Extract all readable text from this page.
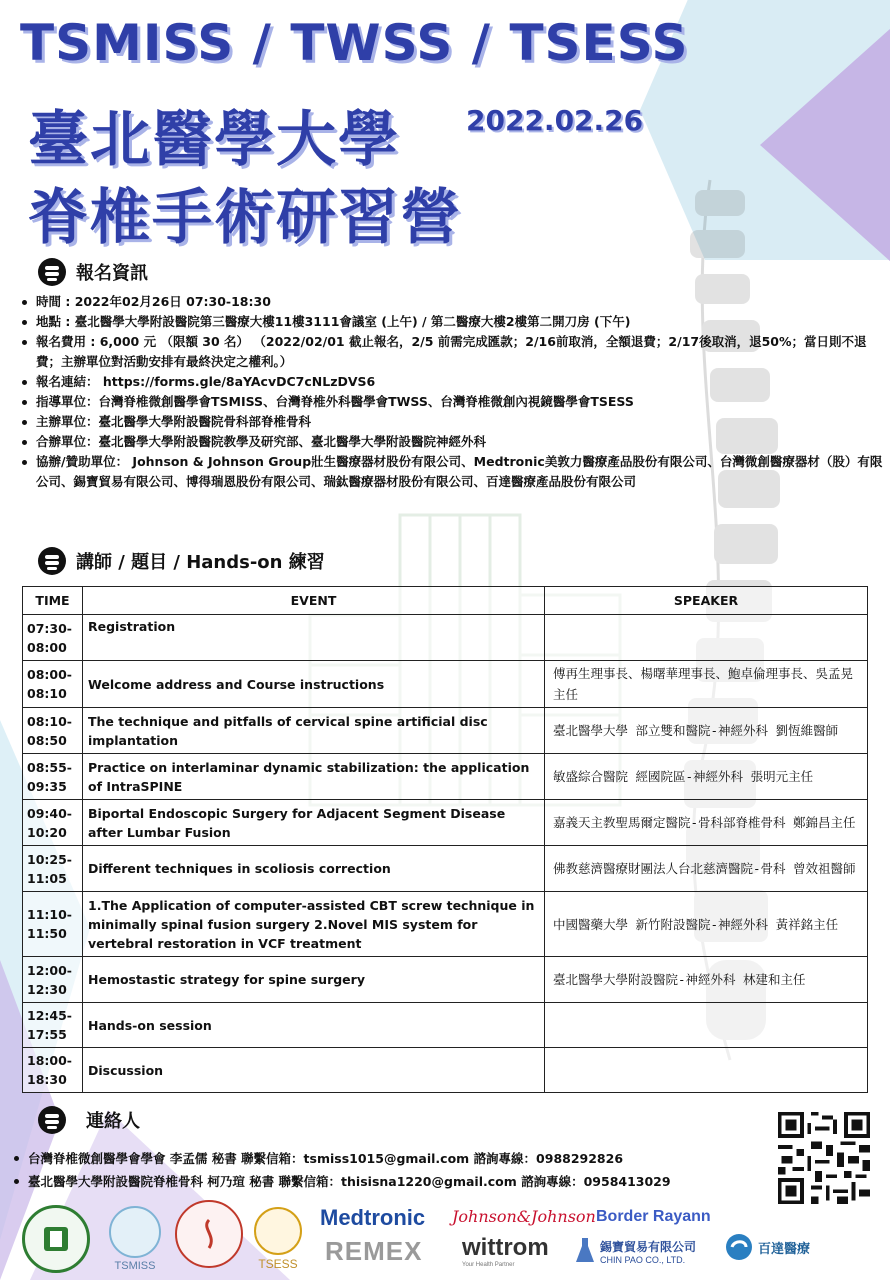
TSMISS / TWSS / TSESS
臺北醫學大學	2022.02.26
脊椎手術研習營
報名資訊
時間 : 2022年02月26日 07:30-18:30
地點 : 臺北醫學大學附設醫院第三醫療大樓11樓3111會議室 (上午) / 第二醫療大樓2樓第二開刀房 (下午)
報名費用 : 6,000 元 （限額 30 名） （2022/02/01 截止報名，2/5 前需完成匯款；2/16前取消，全額退費；2/17後取消，退50%；當日則不退費；主辦單位對活動安排有最終決定之權利。）
報名連結： https://forms.gle/8aYAcvDC7cNLzDVS6
指導單位：台灣脊椎微創醫學會TSMISS、台灣脊椎外科醫學會TWSS、台灣脊椎微創內視鏡醫學會TSESS
主辦單位：臺北醫學大學附設醫院骨科部脊椎骨科
合辦單位：臺北醫學大學附設醫院教學及研究部、臺北醫學大學附設醫院神經外科
協辦/贊助單位： Johnson & Johnson Group壯生醫療器材股份有限公司、Medtronic美敦力醫療產品股份有限公司、台灣微創醫療器材（股）有限公司、錫寶貿易有限公司、博得瑞恩股份有限公司、瑞鈦醫療器材股份有限公司、百達醫療產品股份有限公司
講師 / 題目 / Hands-on 練習
TIME	EVENT	SPEAKER
07:30-08:00	Registration	
08:00-08:10	Welcome address and Course instructions	傅再生理事長、楊曙華理事長、鮑卓倫理事長、吳孟晃主任
08:10-08:50	The technique and pitfalls of cervical spine artificial disc implantation	臺北醫學大學 部立雙和醫院-神經外科 劉恆維醫師
08:55-09:35	Practice on interlaminar dynamic stabilization: the application of IntraSPINE	敏盛綜合醫院 經國院區-神經外科 張明元主任
09:40-10:20	Biportal Endoscopic Surgery for Adjacent Segment Disease after Lumbar Fusion	嘉義天主教聖馬爾定醫院-骨科部脊椎骨科 鄭錦昌主任
10:25-11:05	Different techniques in scoliosis correction	佛教慈濟醫療財團法人台北慈濟醫院-骨科 曾效祖醫師
11:10-11:50	1.The Application of computer-assisted CBT screw technique in minimally spinal fusion surgery 2.Novel MIS system for vertebral restoration in VCF treatment	中國醫藥大學 新竹附設醫院-神經外科 黃祥銘主任
12:00-12:30	Hemostastic strategy for spine surgery	臺北醫學大學附設醫院-神經外科 林建和主任
12:45-17:55	Hands-on session	
18:00-18:30	Discussion	
連絡人
台灣脊椎微創醫學會學會 李孟儒 秘書 聯繫信箱：tsmiss1015@gmail.com 諮詢專線：0988292826
臺北醫學大學附設醫院脊椎骨科 柯乃瑄 秘書 聯繫信箱：thisisna1220@gmail.com 諮詢專線：0958413029
TSMISS	TSESS
Medtronic Johnson&Johnson Border Rayann
REMEX wittrom
Your Health Partner
錫寶貿易有限公司
CHIN PAO CO., LTD.
百達醫療
